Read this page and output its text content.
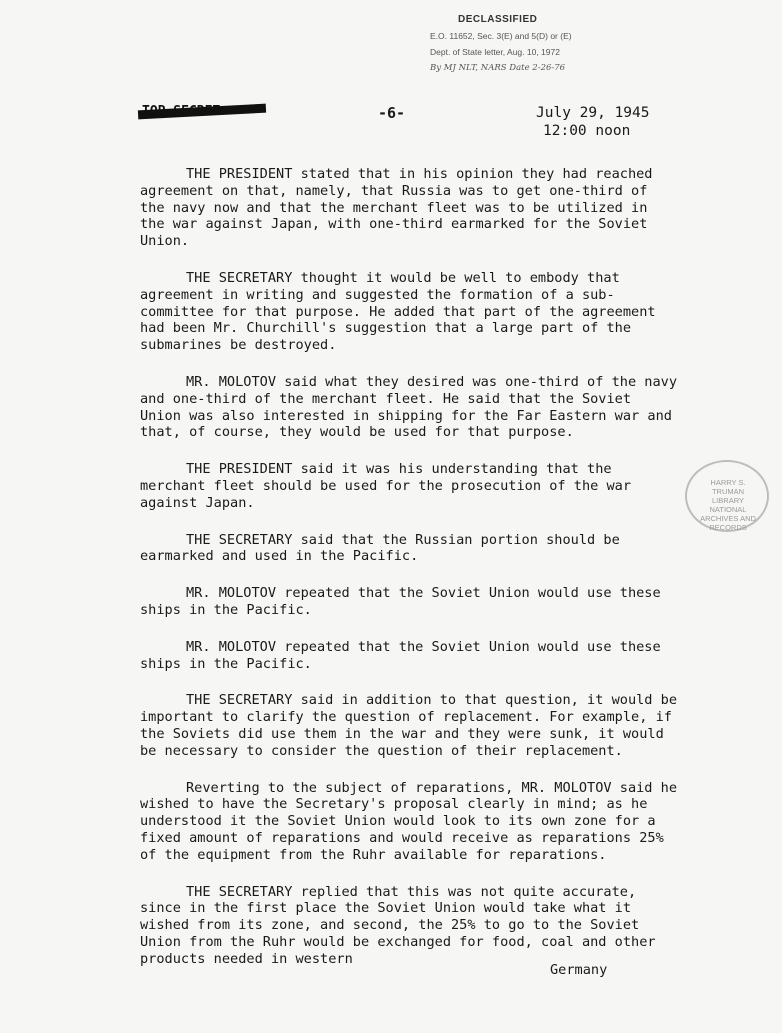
DECLASSIFIED
E.O. 11652, Sec. 3(E) and 5(D) or (E)
Dept. of State letter, Aug. 10, 1972
By MJ NLT, NARS Date 2-26-76
-6-	July 29, 1945
12:00 noon
HARRY S. TRUMAN LIBRARY NATIONAL ARCHIVES AND RECORDS

THE PRESIDENT stated that in his opinion they had reached agreement on that, namely, that Russia was to get one-third of the navy now and that the merchant fleet was to be utilized in the war against Japan, with one-third earmarked for the Soviet Union.

THE SECRETARY thought it would be well to embody that agreement in writing and suggested the formation of a sub-committee for that purpose. He added that part of the agreement had been Mr. Churchill's suggestion that a large part of the submarines be destroyed.

MR. MOLOTOV said what they desired was one-third of the navy and one-third of the merchant fleet. He said that the Soviet Union was also interested in shipping for the Far Eastern war and that, of course, they would be used for that purpose.

THE PRESIDENT said it was his understanding that the merchant fleet should be used for the prosecution of the war against Japan.

THE SECRETARY said that the Russian portion should be earmarked and used in the Pacific.

MR. MOLOTOV repeated that the Soviet Union would use these ships in the Pacific.

MR. MOLOTOV repeated that the Soviet Union would use these ships in the Pacific.

THE SECRETARY said in addition to that question, it would be important to clarify the question of replacement. For example, if the Soviets did use them in the war and they were sunk, it would be necessary to consider the question of their replacement.

Reverting to the subject of reparations, MR. MOLOTOV said he wished to have the Secretary's proposal clearly in mind; as he understood it the Soviet Union would look to its own zone for a fixed amount of reparations and would receive as reparations 25% of the equipment from the Ruhr available for reparations.

THE SECRETARY replied that this was not quite accurate, since in the first place the Soviet Union would take what it wished from its zone, and second, the 25% to go to the Soviet Union from the Ruhr would be exchanged for food, coal and other products needed in western

Germany
